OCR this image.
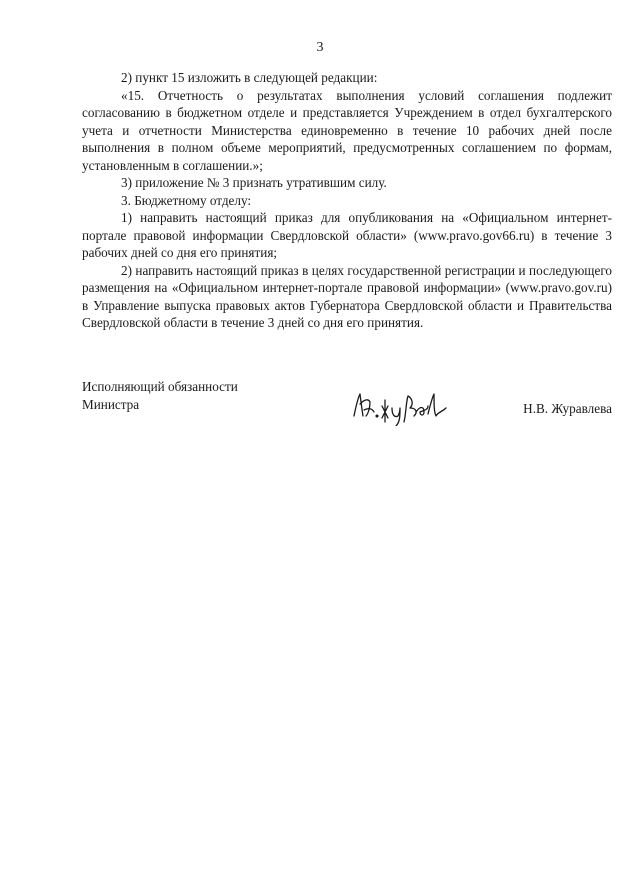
3

2) пункт 15 изложить в следующей редакции:

«15. Отчетность о результатах выполнения условий соглашения подлежит согласованию в бюджетном отделе и представляется Учреждением в отдел бухгалтерского учета и отчетности Министерства единовременно в течение 10 рабочих дней после выполнения в полном объеме мероприятий, предусмотренных соглашением по формам, установленным в соглашении.»;

3) приложение № 3 признать утратившим силу.

3. Бюджетному отделу:

1) направить настоящий приказ для опубликования на «Официальном интернет-портале правовой информации Свердловской области» (www.pravo.gov66.ru) в течение 3 рабочих дней со дня его принятия;

2) направить настоящий приказ в целях государственной регистрации и последующего размещения на «Официальном интернет-портале правовой информации» (www.pravo.gov.ru) в Управление выпуска правовых актов Губернатора Свердловской области и Правительства Свердловской области в течение 3 дней со дня его принятия.

Исполняющий обязанности
Министра	Н.В. Журавлева
